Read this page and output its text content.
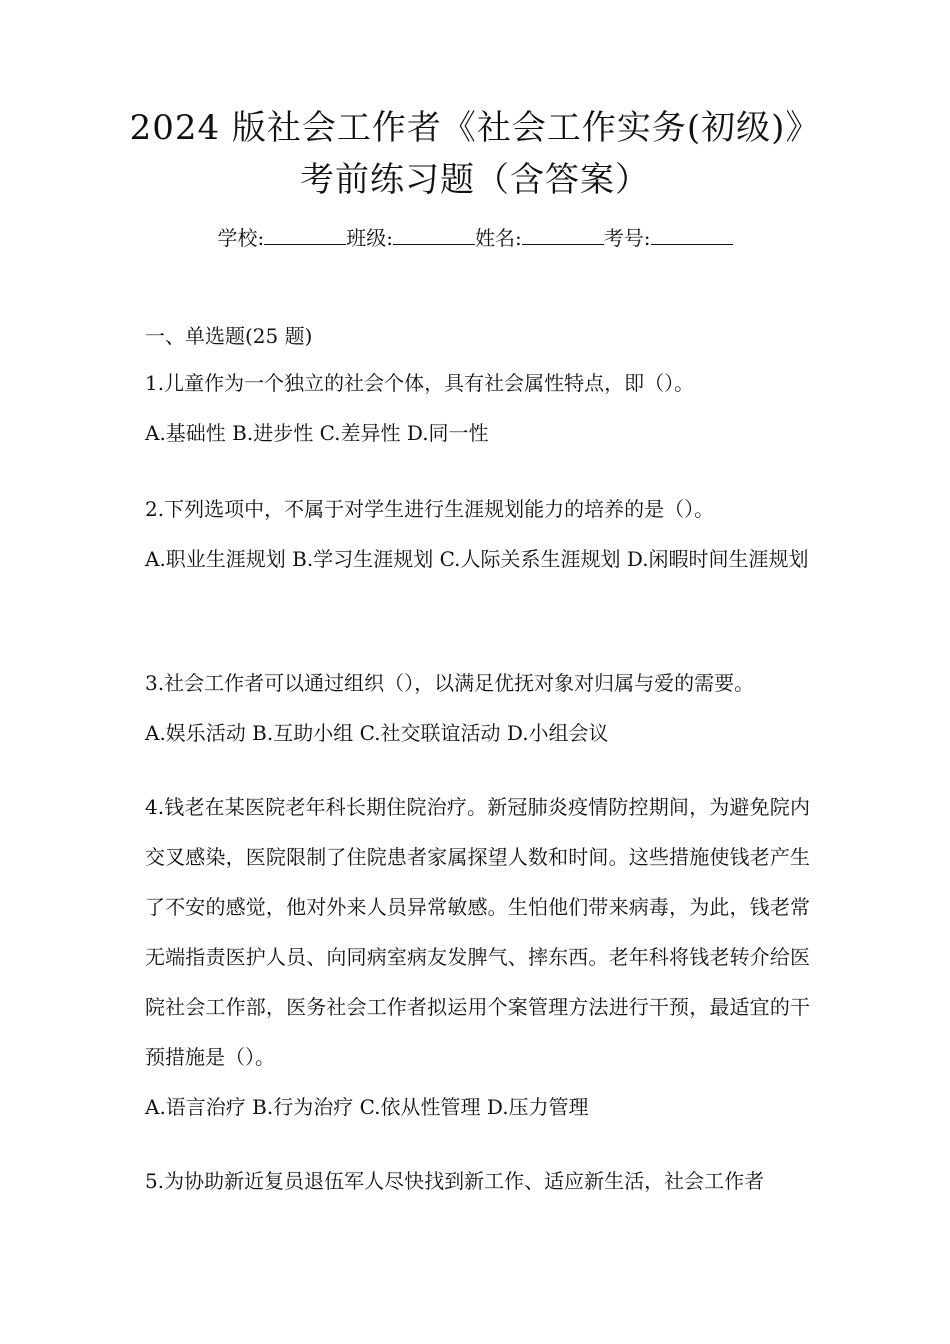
2024 版社会工作者《社会工作实务(初级)》
考前练习题（含答案）
学校:	班级:	姓名:	考号:
一、单选题(25 题)
1.儿童作为一个独立的社会个体，具有社会属性特点，即（）。
A.基础性 B.进步性 C.差异性 D.同一性
2.下列选项中，不属于对学生进行生涯规划能力的培养的是（）。
A.职业生涯规划 B.学习生涯规划 C.人际关系生涯规划 D.闲暇时间生涯规划
3.社会工作者可以通过组织（），以满足优抚对象对归属与爱的需要。
A.娱乐活动 B.互助小组 C.社交联谊活动 D.小组会议
4.钱老在某医院老年科长期住院治疗。新冠肺炎疫情防控期间，为避免院内交叉感染，医院限制了住院患者家属探望人数和时间。这些措施使钱老产生了不安的感觉，他对外来人员异常敏感。生怕他们带来病毒，为此，钱老常无端指责医护人员、向同病室病友发脾气、摔东西。老年科将钱老转介给医院社会工作部，医务社会工作者拟运用个案管理方法进行干预，最适宜的干预措施是（）。
A.语言治疗 B.行为治疗 C.依从性管理 D.压力管理
5.为协助新近复员退伍军人尽快找到新工作、适应新生活，社会工作者
